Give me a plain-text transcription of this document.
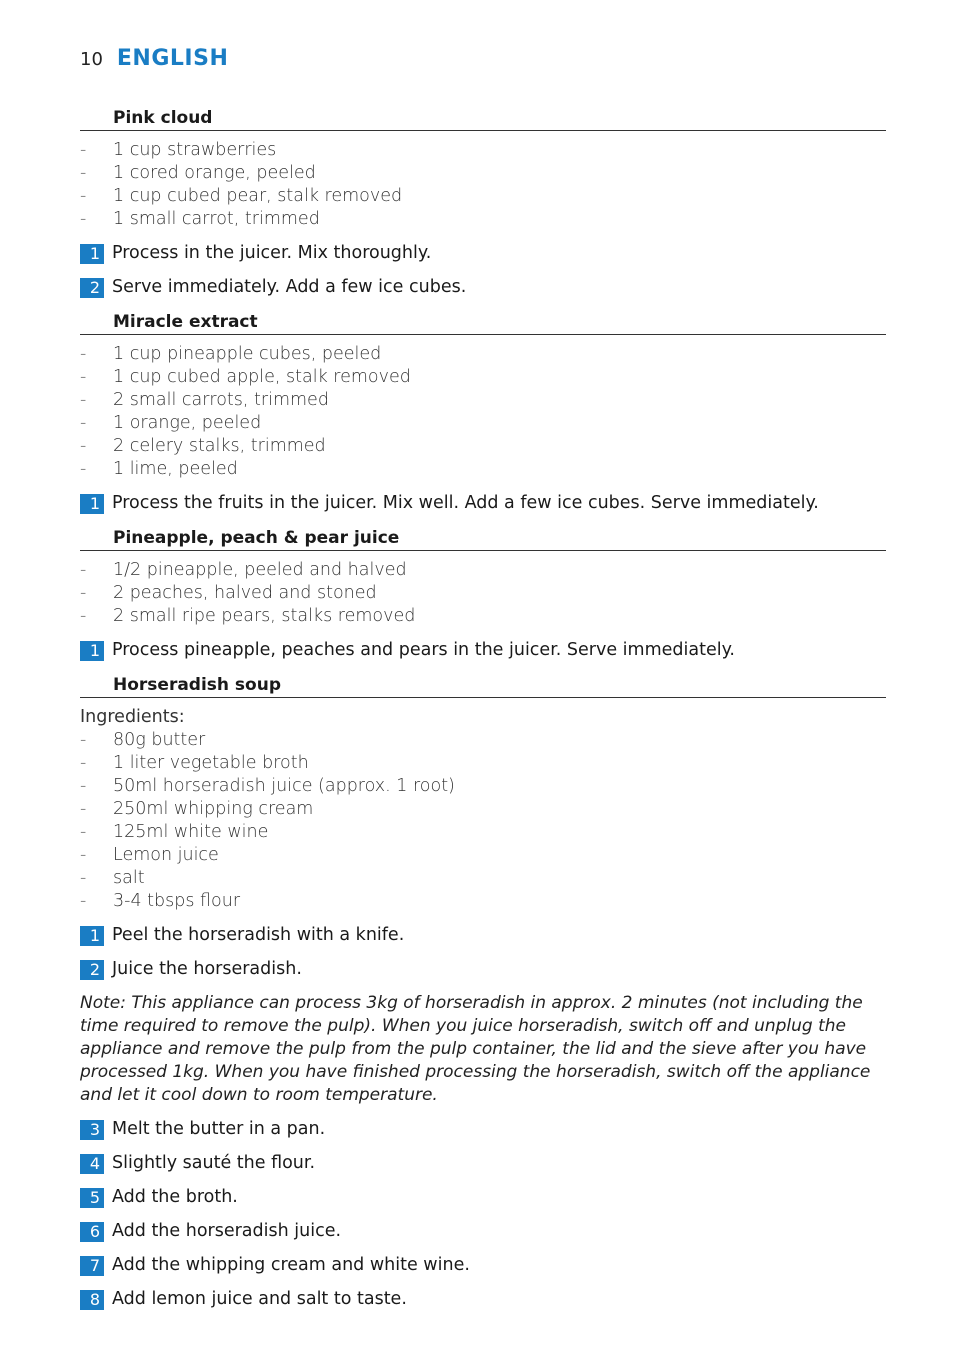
10 ENGLISH
Pink cloud
-	1 cup strawberries
-	1 cored orange, peeled
-	1 cup cubed pear, stalk removed
-	1 small carrot, trimmed
1 Process in the juicer. Mix thoroughly.
2 Serve immediately. Add a few ice cubes.
Miracle extract
-	1 cup pineapple cubes, peeled
-	1 cup cubed apple, stalk removed
-	2 small carrots, trimmed
-	1 orange, peeled
-	2 celery stalks, trimmed
-	1 lime, peeled
1 Process the fruits in the juicer. Mix well. Add a few ice cubes. Serve immediately.
Pineapple, peach & pear juice
-	1/2 pineapple, peeled and halved
-	2 peaches, halved and stoned
-	2 small ripe pears, stalks removed
1 Process pineapple, peaches and pears in the juicer. Serve immediately.
Horseradish soup
Ingredients:
-	80g butter
-	1 liter vegetable broth
-	50ml horseradish juice (approx. 1 root)
-	250ml whipping cream
-	125ml white wine
-	Lemon juice
-	salt
-	3-4 tbsps flour
1 Peel the horseradish with a knife.
2 Juice the horseradish.
Note: This appliance can process 3kg of horseradish in approx. 2 minutes (not including the time required to remove the pulp). When you juice horseradish, switch off and unplug the appliance and remove the pulp from the pulp container, the lid and the sieve after you have processed 1kg. When you have finished processing the horseradish, switch off the appliance and let it cool down to room temperature.
3 Melt the butter in a pan.
4 Slightly sauté the flour.
5 Add the broth.
6 Add the horseradish juice.
7 Add the whipping cream and white wine.
8 Add lemon juice and salt to taste.
